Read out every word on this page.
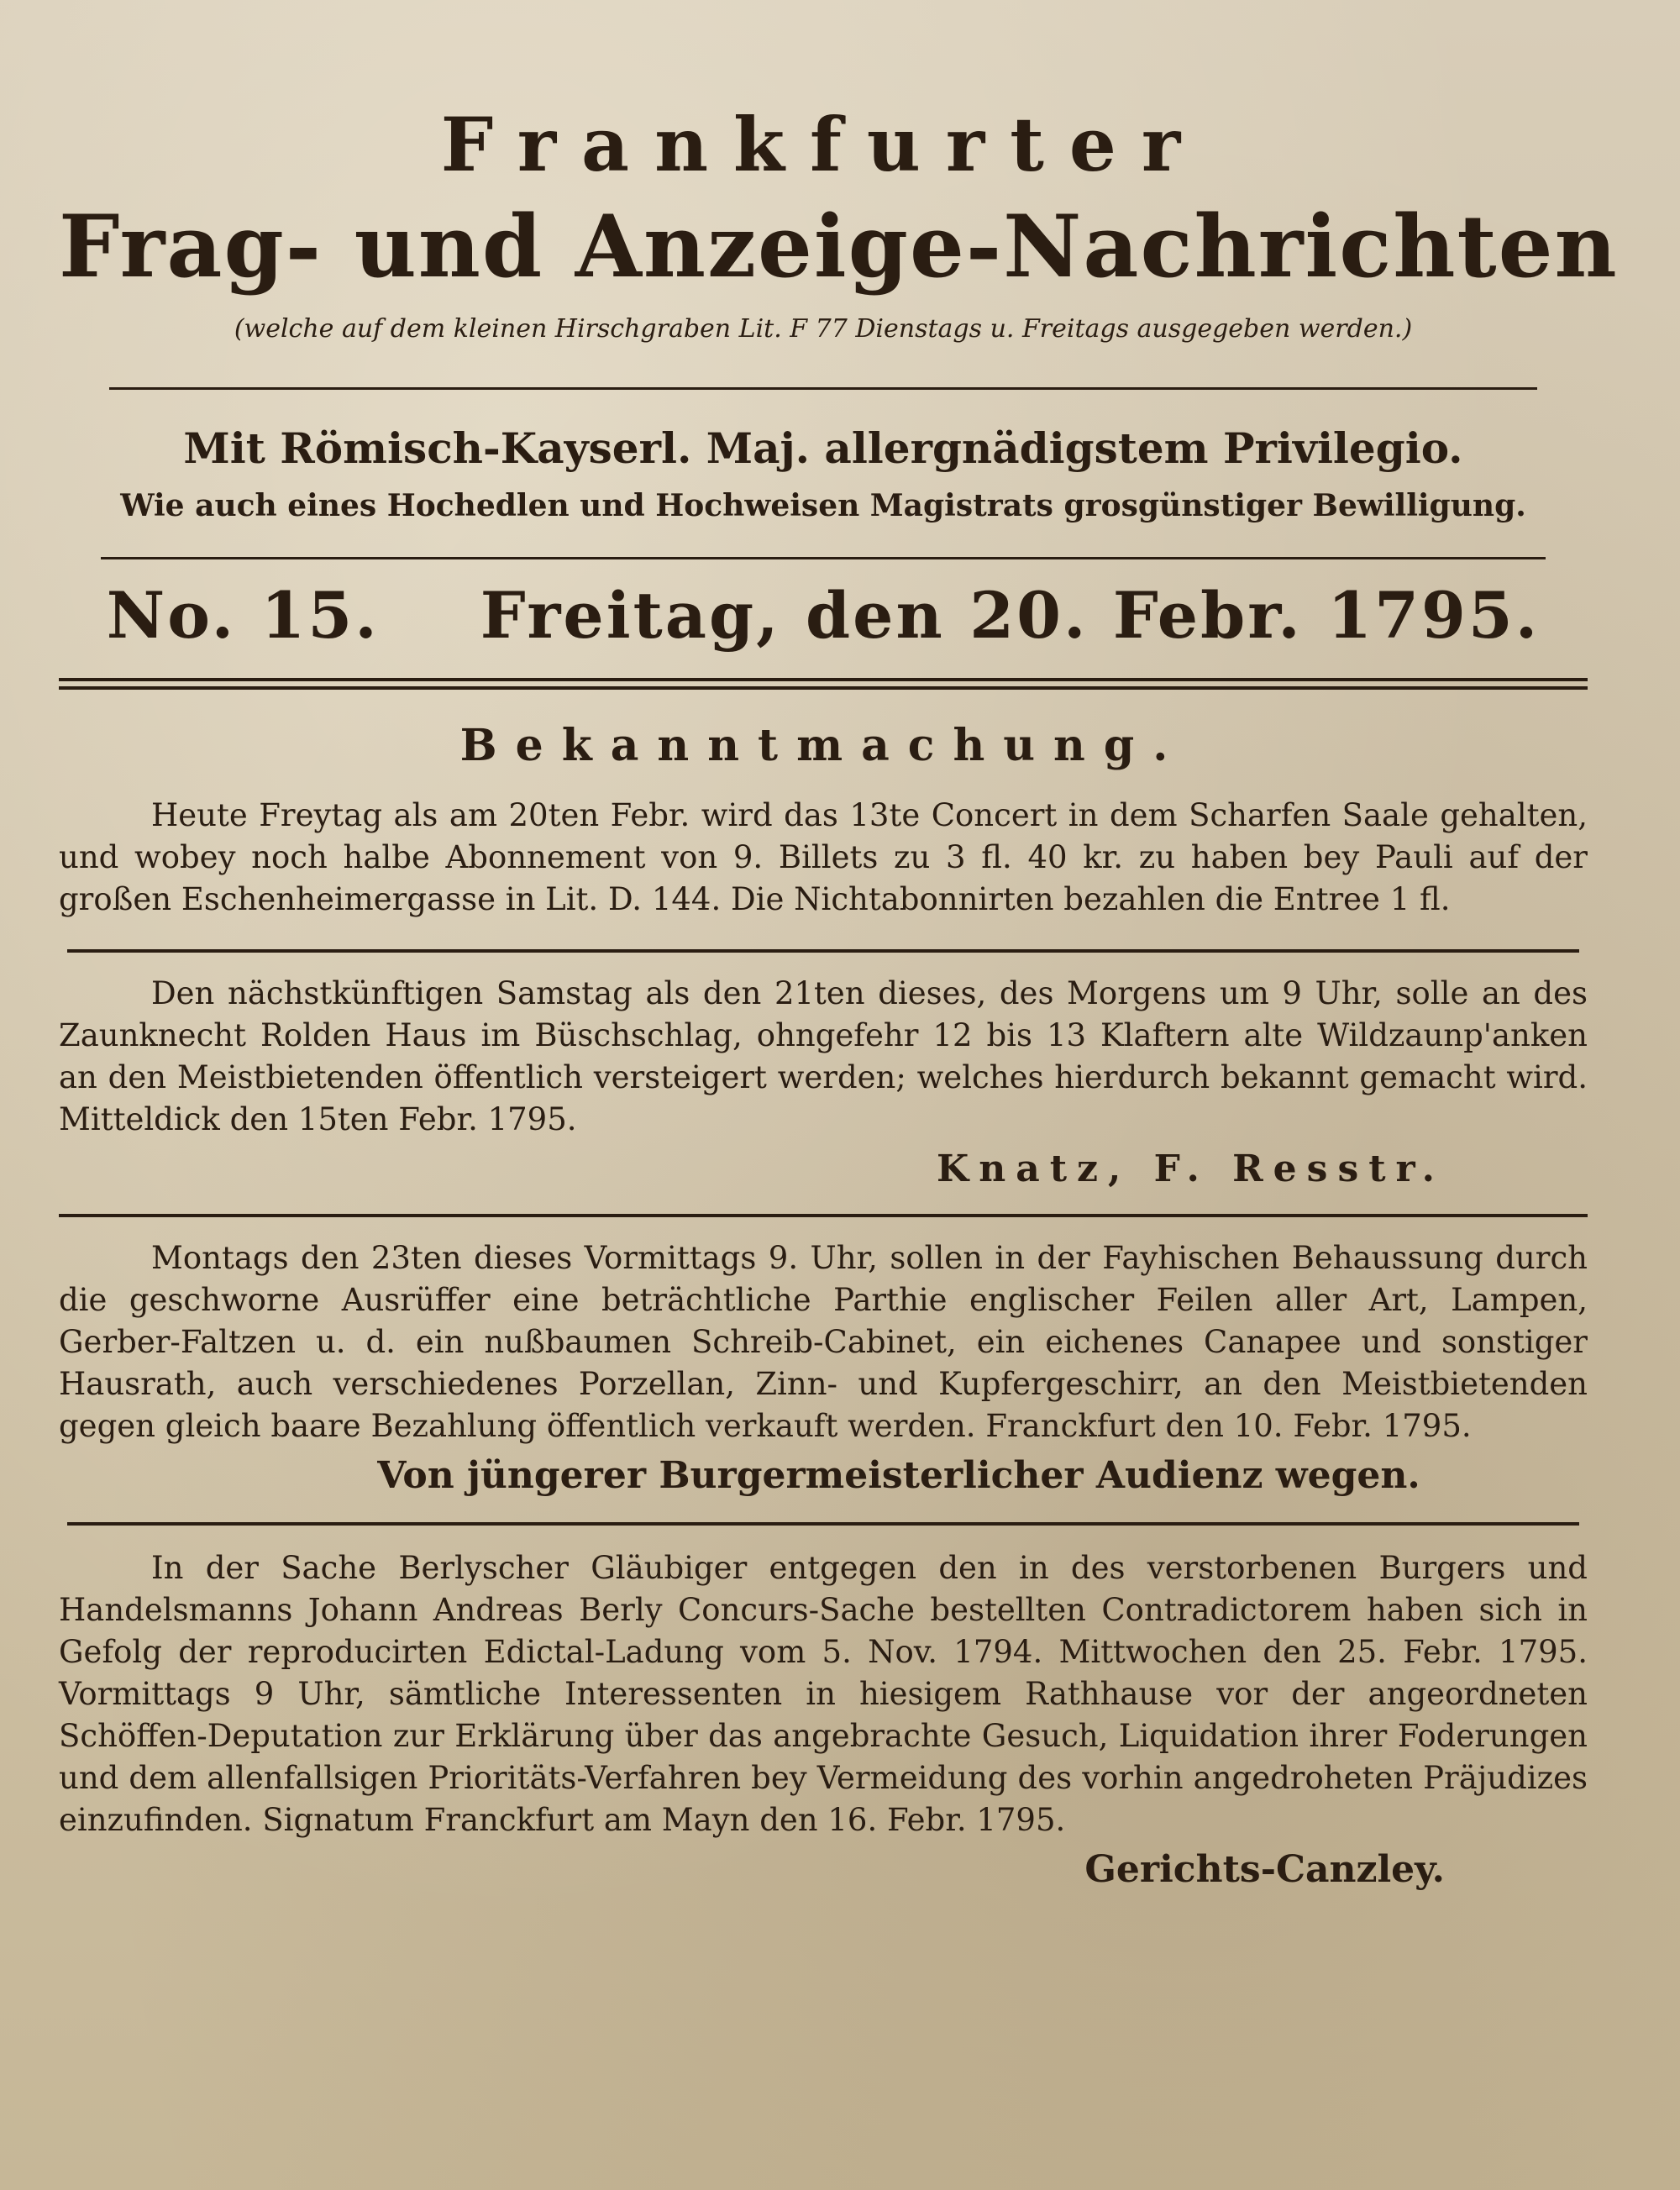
Frankfurter
Frag- und Anzeige-Nachrichten
(welche auf dem kleinen Hirschgraben Lit. F 77 Dienstags u. Freitags ausgegeben werden.)
Mit Römisch-Kayserl. Maj. allergnädigstem Privilegio.
Wie auch eines Hochedlen und Hochweisen Magistrats grosgünstiger Bewilligung.
No. 15. Freitag, den 20. Febr. 1795.
Bekanntmachung.

Heute Freytag als am 20ten Febr. wird das 13te Concert in dem Scharfen Saale gehalten, und wobey noch halbe Abonnement von 9. Billets zu 3 fl. 40 kr. zu haben bey Pauli auf der großen Eschenheimergasse in Lit. D. 144. Die Nichtabonnirten bezahlen die Entree 1 fl.

Den nächstkünftigen Samstag als den 21ten dieses, des Morgens um 9 Uhr, solle an des Zaunknecht Rolden Haus im Büschschlag, ohngefehr 12 bis 13 Klaftern alte Wildzaunp'anken an den Meistbietenden öffentlich versteigert werden; welches hierdurch bekannt gemacht wird. Mitteldick den 15ten Febr. 1795.

Knatz, F. Resstr.

Montags den 23ten dieses Vormittags 9. Uhr, sollen in der Fayhischen Behaussung durch die geschworne Ausrüffer eine beträchtliche Parthie englischer Feilen aller Art, Lampen, Gerber-Faltzen u. d. ein nußbaumen Schreib-Cabinet, ein eichenes Canapee und sonstiger Hausrath, auch verschiedenes Porzellan, Zinn- und Kupfergeschirr, an den Meistbietenden gegen gleich baare Bezahlung öffentlich verkauft werden. Franckfurt den 10. Febr. 1795.

Von jüngerer Burgermeisterlicher Audienz wegen.

In der Sache Berlyscher Gläubiger entgegen den in des verstorbenen Burgers und Handelsmanns Johann Andreas Berly Concurs-Sache bestellten Contradictorem haben sich in Gefolg der reproducirten Edictal-Ladung vom 5. Nov. 1794. Mittwochen den 25. Febr. 1795. Vormittags 9 Uhr, sämtliche Interessenten in hiesigem Rathhause vor der angeordneten Schöffen-Deputation zur Erklärung über das angebrachte Gesuch, Liquidation ihrer Foderungen und dem allenfallsigen Prioritäts-Verfahren bey Vermeidung des vorhin angedroheten Präjudizes einzufinden. Signatum Franckfurt am Mayn den 16. Febr. 1795.

Gerichts-Canzley.
